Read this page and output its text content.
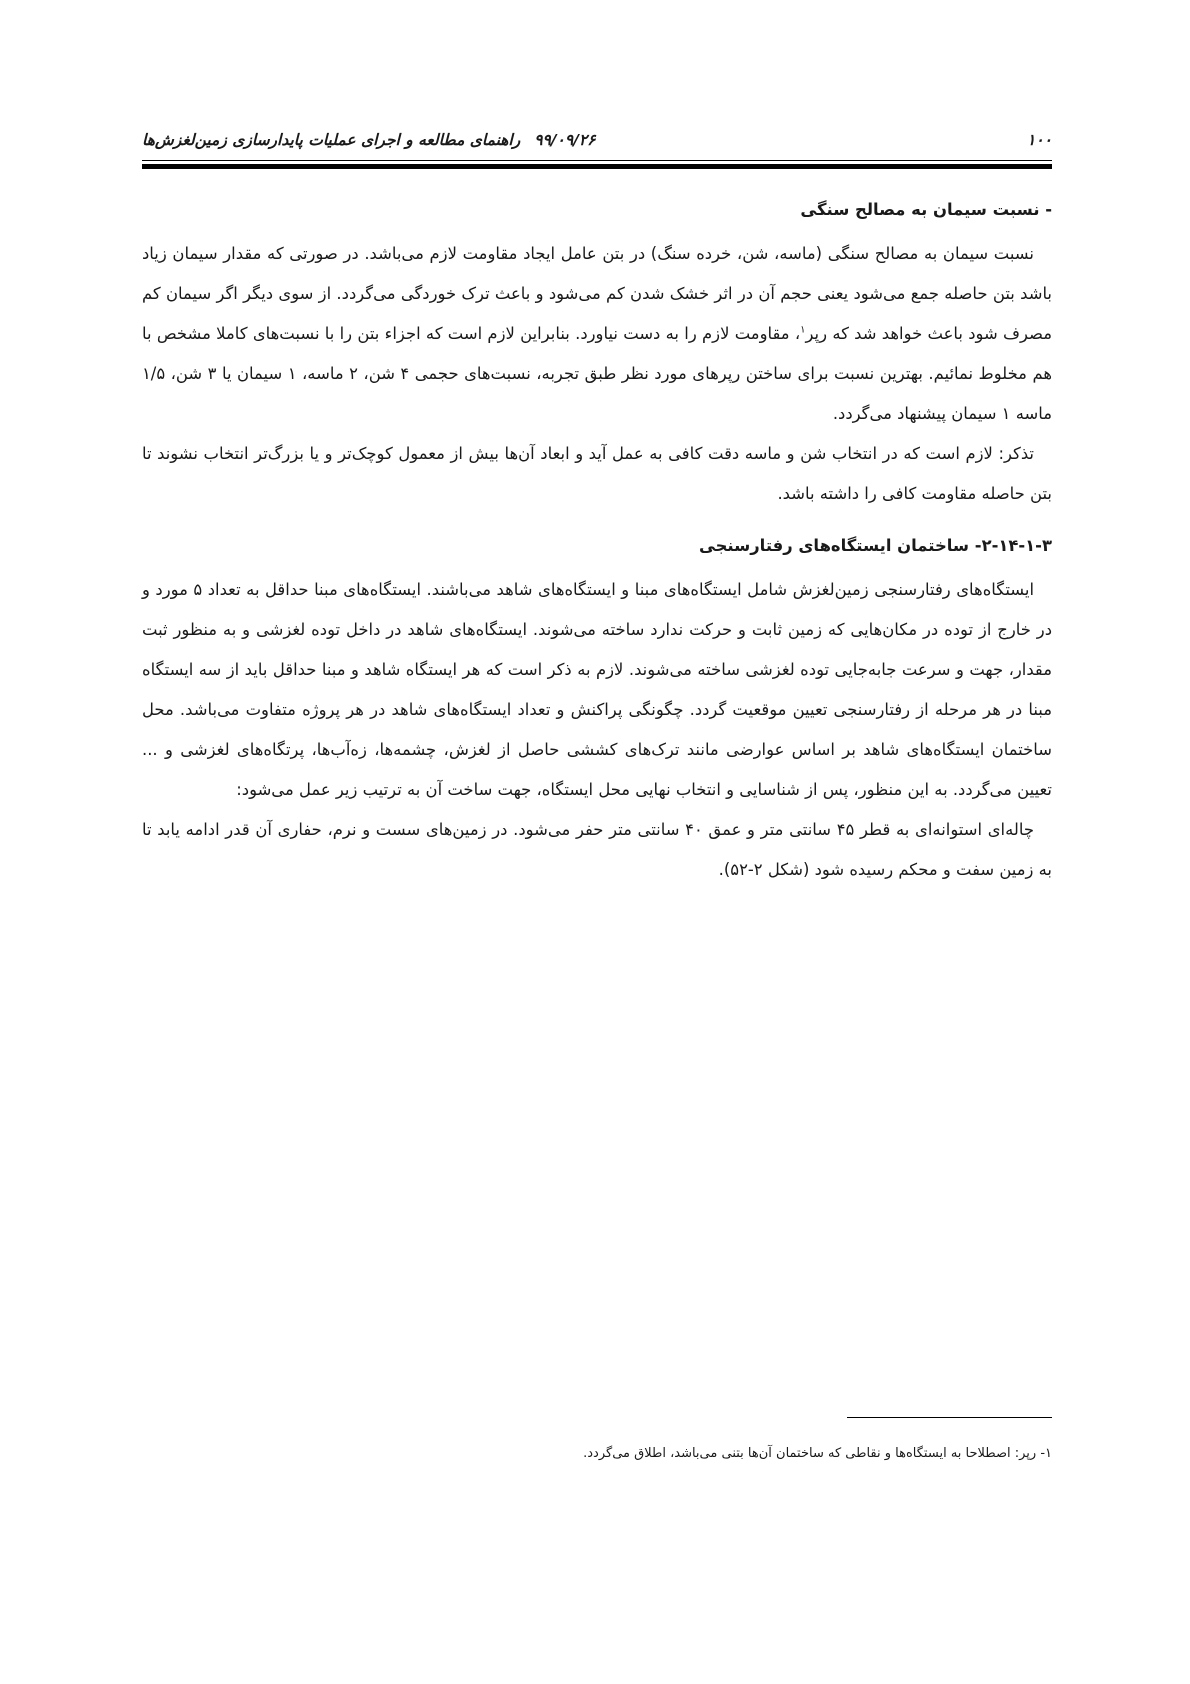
۱۰۰
۹۹/۰۹/۲۶راهنمای مطالعه و اجرای عملیات پایدارسازی زمین‌لغزش‌ها
- نسبت سیمان به مصالح سنگی

نسبت سیمان به مصالح سنگی (ماسه، شن، خرده سنگ) در بتن عامل ایجاد مقاومت لازم می‌باشد. در صورتی که مقدار سیمان زیاد باشد بتن حاصله جمع می‌شود یعنی حجم آن در اثر خشک شدن کم می‌شود و باعث ترک خوردگی می‌گردد. از سوی دیگر اگر سیمان کم مصرف شود باعث خواهد شد که رپر$^۱$، مقاومت لازم را به دست نیاورد. بنابراین لازم است که اجزاء بتن را با نسبت‌های کاملا مشخص با هم مخلوط نمائیم. بهترین نسبت برای ساختن رپرهای مورد نظر طبق تجربه، نسبت‌های حجمی ۴ شن، ۲ ماسه، ۱ سیمان یا ۳ شن، ۱/۵ ماسه ۱ سیمان پیشنهاد می‌گردد.

تذکر: لازم است که در انتخاب شن و ماسه دقت کافی به عمل آید و ابعاد آن‌ها بیش از معمول کوچک‌تر و یا بزرگ‌تر انتخاب نشوند تا بتن حاصله مقاومت کافی را داشته باشد.

۲-۱۴-۱-۳- ساختمان ایستگاه‌های رفتارسنجی

ایستگاه‌های رفتارسنجی زمین‌لغزش شامل ایستگاه‌های مبنا و ایستگاه‌های شاهد می‌باشند. ایستگاه‌های مبنا حداقل به تعداد ۵ مورد و در خارج از توده در مکان‌هایی که زمین ثابت و حرکت ندارد ساخته می‌شوند. ایستگاه‌های شاهد در داخل توده لغزشی و به منظور ثبت مقدار، جهت و سرعت جابه‌جایی توده لغزشی ساخته می‌شوند. لازم به ذکر است که هر ایستگاه شاهد و مبنا حداقل باید از سه ایستگاه مبنا در هر مرحله از رفتارسنجی تعیین موقعیت گردد. چگونگی پراکنش و تعداد ایستگاه‌های شاهد در هر پروژه متفاوت می‌باشد. محل ساختمان ایستگاه‌های شاهد بر اساس عوارضی مانند ترک‌های کششی حاصل از لغزش، چشمه‌ها، زه‌آب‌ها، پرتگاه‌های لغزشی و ... تعیین می‌گردد. به این منظور، پس از شناسایی و انتخاب نهایی محل ایستگاه، جهت ساخت آن به ترتیب زیر عمل می‌شود:

چاله‌ای استوانه‌ای به قطر ۴۵ سانتی متر و عمق ۴۰ سانتی متر حفر می‌شود. در زمین‌های سست و نرم، حفاری آن قدر ادامه یابد تا به زمین سفت و محکم رسیده شود (شکل ۲-۵۲).

۱- رپر: اصطلاحا به ایستگاه‌ها و نقاطی که ساختمان آن‌ها بتنی می‌باشد، اطلاق می‌گردد.
